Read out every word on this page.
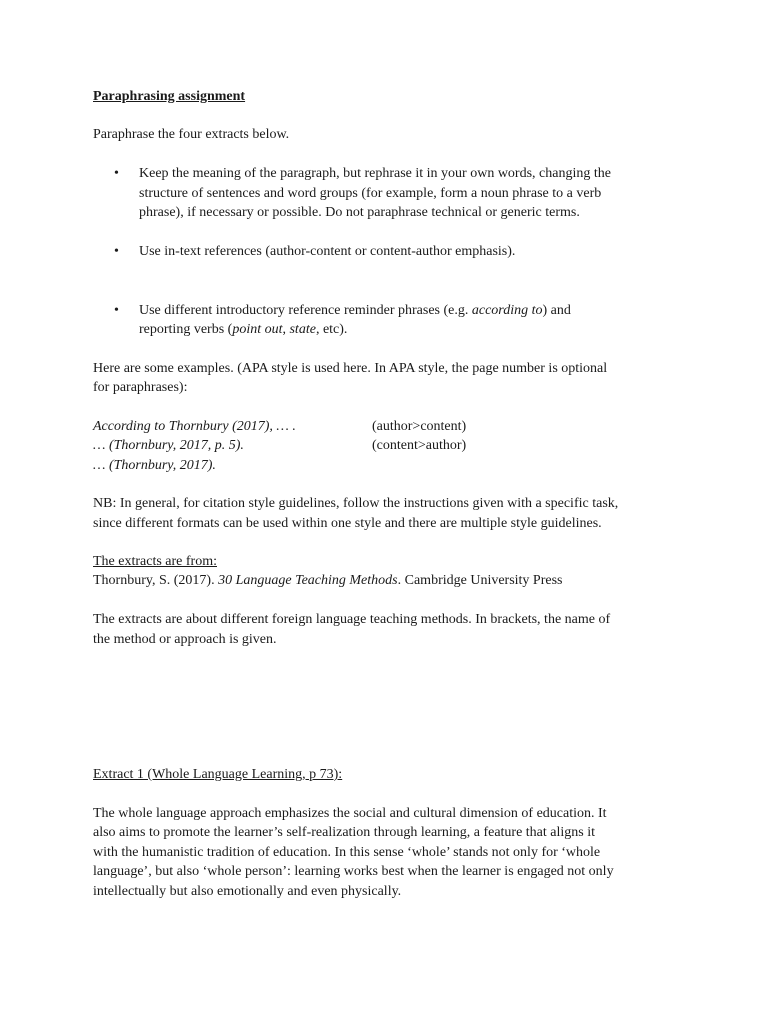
Paraphrasing assignment
Paraphrase the four extracts below.
• Keep the meaning of the paragraph, but rephrase it in your own words, changing the
structure of sentences and word groups (for example, form a noun phrase to a verb
phrase), if necessary or possible. Do not paraphrase technical or generic terms.
• Use in-text references (author-content or content-author emphasis).
• Use different introductory reference reminder phrases (e.g. according to) and
reporting verbs (point out, state, etc).
Here are some examples. (APA style is used here. In APA style, the page number is optional
for paraphrases):
According to Thornbury (2017), … .	(author>content)
… (Thornbury, 2017, p. 5).	(content>author)
… (Thornbury, 2017).
NB: In general, for citation style guidelines, follow the instructions given with a specific task,
since different formats can be used within one style and there are multiple style guidelines.
The extracts are from:
Thornbury, S. (2017). 30 Language Teaching Methods. Cambridge University Press
The extracts are about different foreign language teaching methods. In brackets, the name of
the method or approach is given.
Extract 1 (Whole Language Learning, p 73):
The whole language approach emphasizes the social and cultural dimension of education. It
also aims to promote the learner’s self-realization through learning, a feature that aligns it
with the humanistic tradition of education. In this sense ‘whole’ stands not only for ‘whole
language’, but also ‘whole person’: learning works best when the learner is engaged not only
intellectually but also emotionally and even physically.
